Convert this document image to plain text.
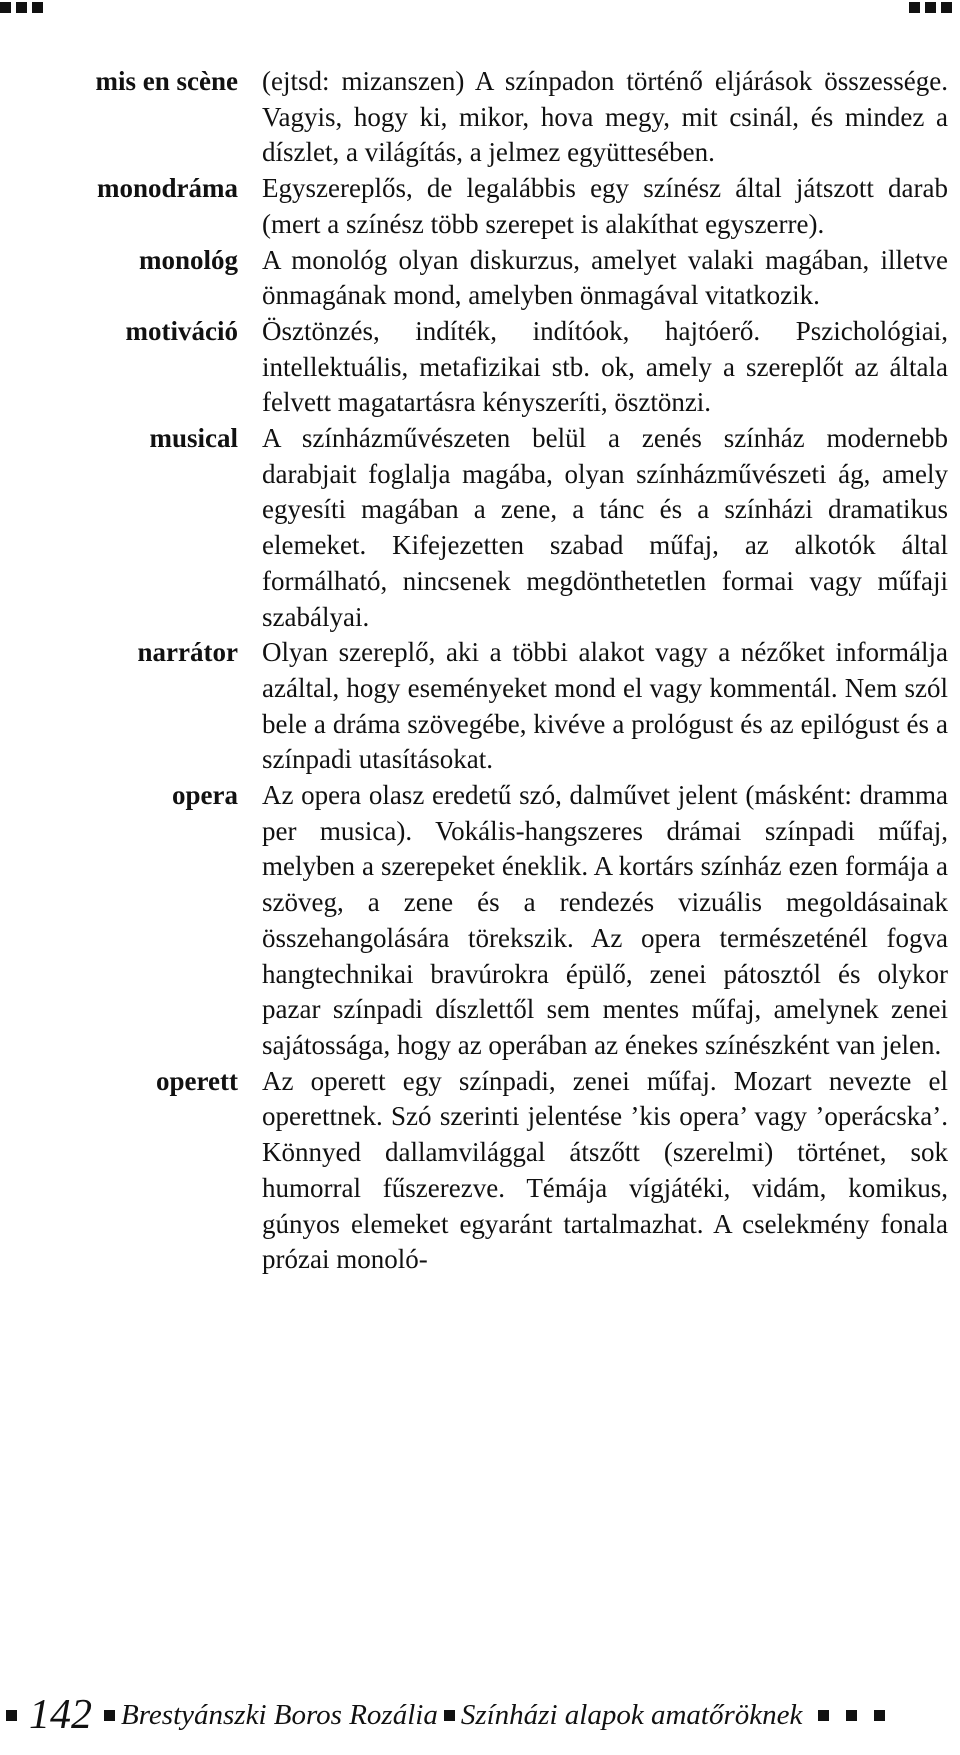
mis en scène (ejtsd: mizanszen) A színpadon történő eljárások összessége. Vagyis, hogy ki, mikor, hova megy, mit csinál, és mindez a díszlet, a világítás, a jelmez együttesében.

monodráma Egyszereplős, de legalábbis egy színész által játszott darab (mert a színész több szerepet is alakíthat egyszerre).

monológ A monológ olyan diskurzus, amelyet valaki magában, illetve önmagának mond, amelyben önmagával vitatkozik.

motiváció Ösztönzés, indíték, indítóok, hajtóerő. Pszichológiai, intellektuális, metafizikai stb. ok, amely a szereplőt az általa felvett magatartásra kényszeríti, ösztönzi.

musical A színházművészeten belül a zenés színház modernebb darabjait foglalja magába, olyan színházművészeti ág, amely egyesíti magában a zene, a tánc és a színházi dramatikus elemeket. Kifejezetten szabad műfaj, az alkotók által formálható, nincsenek megdönthetetlen formai vagy műfaji szabályai.

narrátor Olyan szereplő, aki a többi alakot vagy a nézőket informálja azáltal, hogy eseményeket mond el vagy kommentál. Nem szól bele a dráma szövegébe, kivéve a prológust és az epilógust és a színpadi utasításokat.

opera Az opera olasz eredetű szó, dalművet jelent (másként: dramma per musica). Vokális-hangszeres drámai színpadi műfaj, melyben a szerepeket éneklik. A kortárs színház ezen formája a szöveg, a zene és a rendezés vizuális megoldásainak összehangolására törekszik. Az opera természeténél fogva hangtechnikai bravúrokra épülő, zenei pátosztól és olykor pazar színpadi díszlettől sem mentes műfaj, amelynek zenei sajátossága, hogy az operában az énekes színészként van jelen.

operett Az operett egy színpadi, zenei műfaj. Mozart nevezte el operettnek. Szó szerinti jelentése ’kis opera’ vagy ’operácska’. Könnyed dallamvilággal átszőtt (szerelmi) történet, sok humorral fűszerezve. Témája vígjátéki, vidám, komikus, gúnyos elemeket egyaránt tartalmazhat. A cselekmény fonala prózai monoló-

142 Brestyánszki Boros Rozália Színházi alapok amatőröknek
